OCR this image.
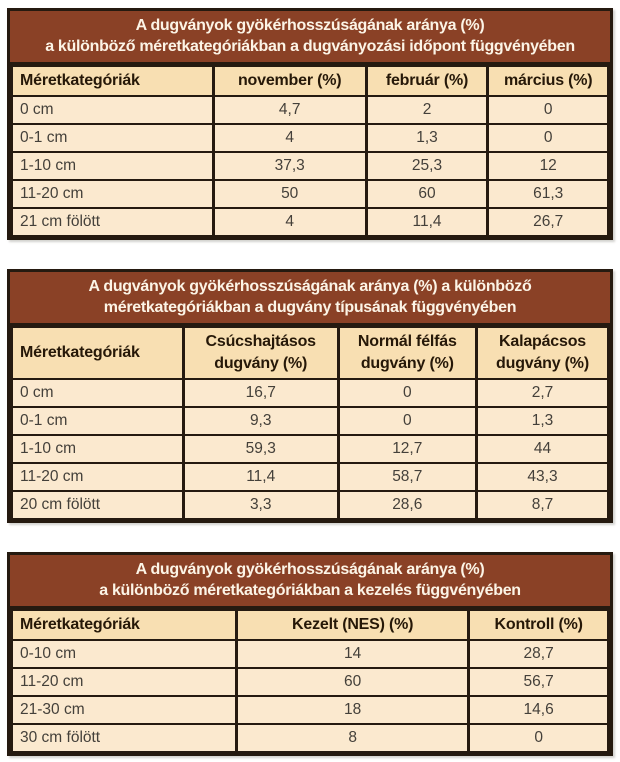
A dugványok gyökérhosszúságának aránya (%)
a különböző méretkategóriákban a dugványozási időpont függvényében
Méretkategóriák	november (%)	február (%)	március (%)
0 cm	4,7	2	0
0-1 cm	4	1,3	0
1-10 cm	37,3	25,3	12
11-20 cm	50	60	61,3
21 cm fölött	4	11,4	26,7
A dugványok gyökérhosszúságának aránya (%) a különböző
méretkategóriákban a dugvány típusának függvényében
Méretkategóriák	Csúcshajtásos dugvány (%)	Normál félfás dugvány (%)	Kalapácsos dugvány (%)
0 cm	16,7	0	2,7
0-1 cm	9,3	0	1,3
1-10 cm	59,3	12,7	44
11-20 cm	11,4	58,7	43,3
20 cm fölött	3,3	28,6	8,7
A dugványok gyökérhosszúságának aránya (%)
a különböző méretkategóriákban a kezelés függvényében
Méretkategóriák	Kezelt (NES) (%)	Kontroll (%)
0-10 cm	14	28,7
11-20 cm	60	56,7
21-30 cm	18	14,6
30 cm fölött	8	0
